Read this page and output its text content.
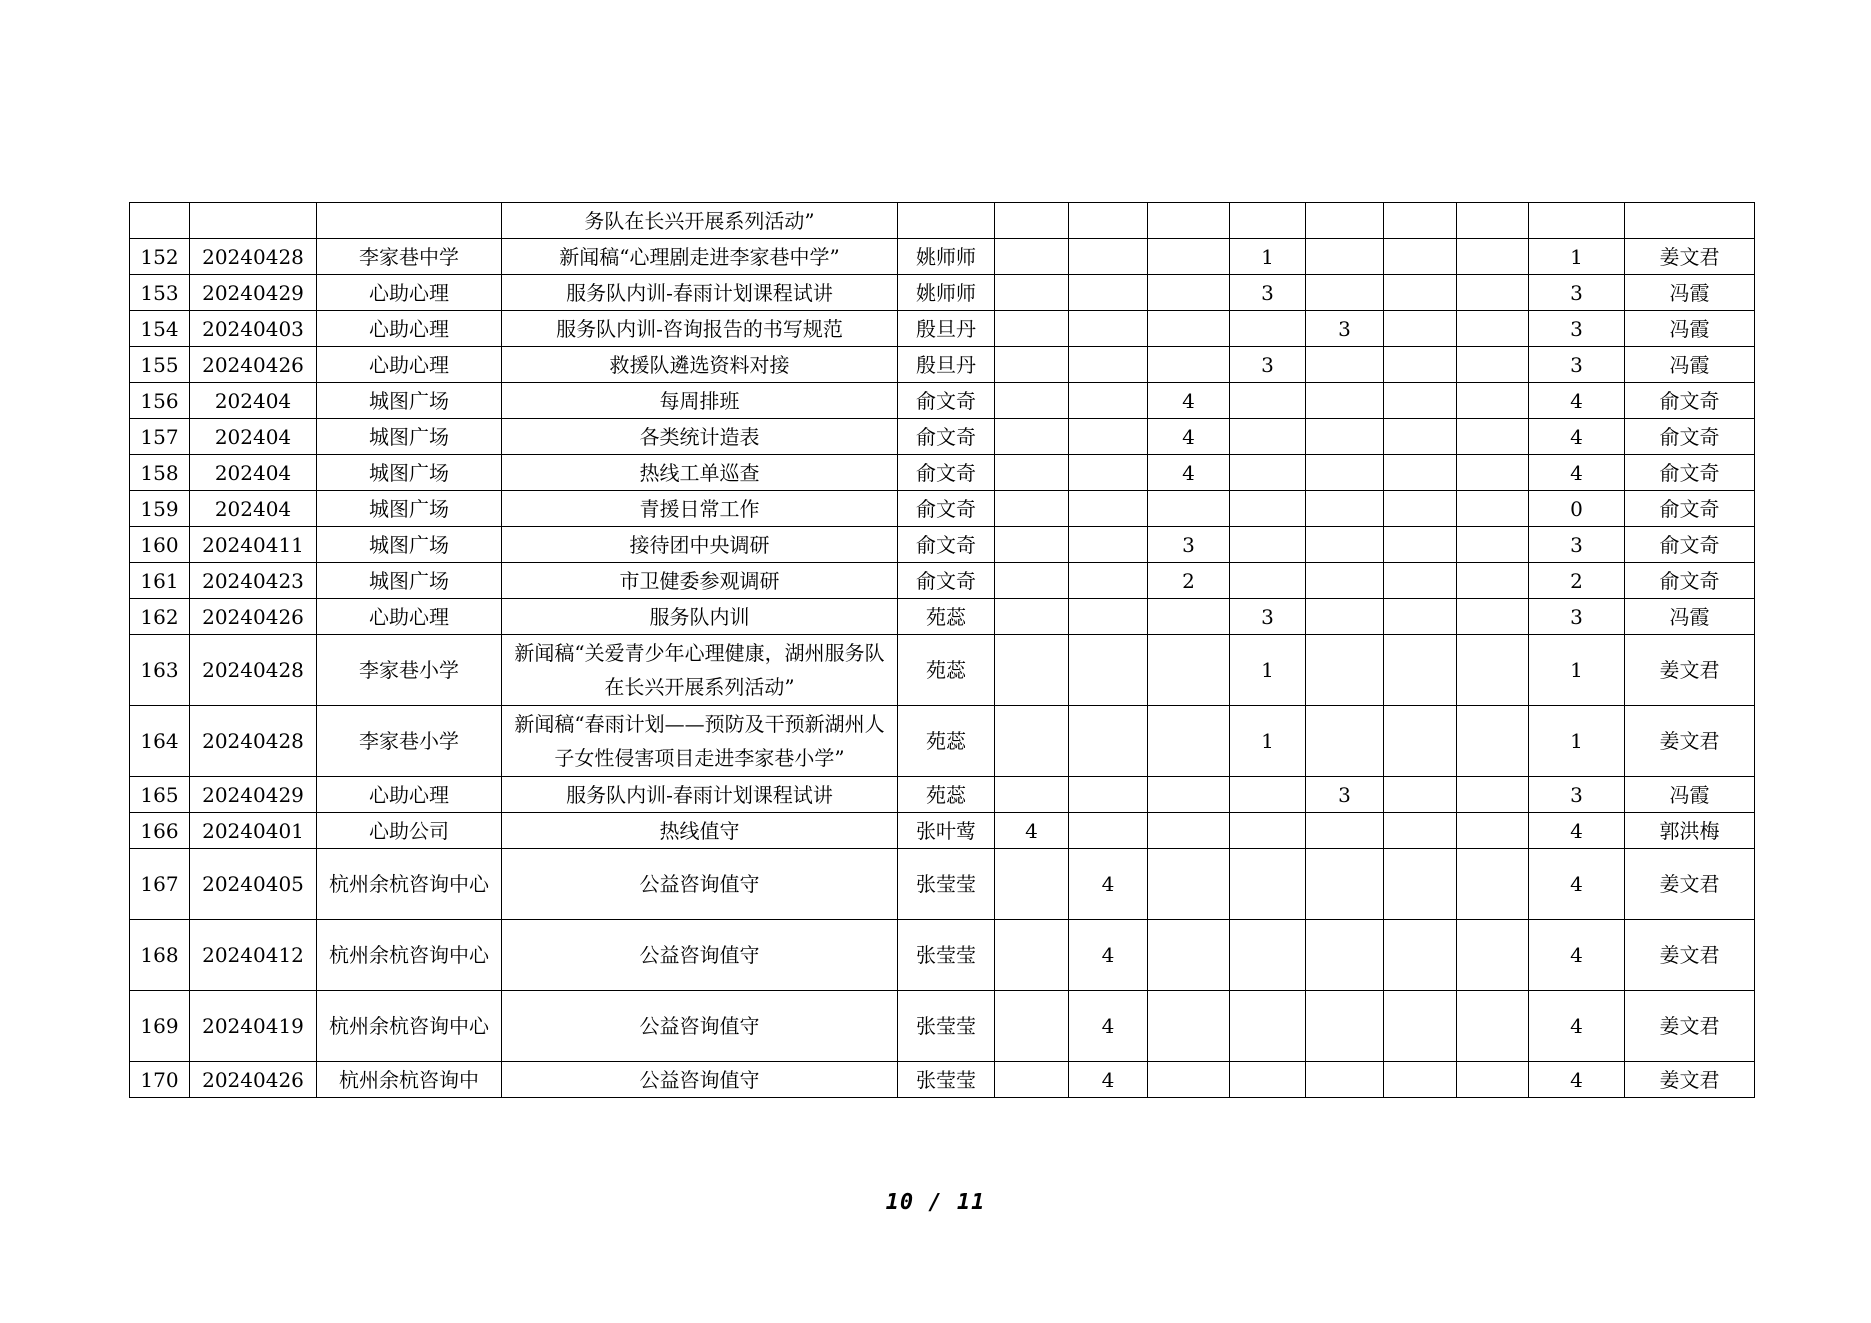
			务队在长兴开展系列活动”										
152	20240428	李家巷中学	新闻稿“心理剧走进李家巷中学”	姚师师				1				1	姜文君
153	20240429	心助心理	服务队内训-春雨计划课程试讲	姚师师				3				3	冯霞
154	20240403	心助心理	服务队内训-咨询报告的书写规范	殷旦丹					3			3	冯霞
155	20240426	心助心理	救援队遴选资料对接	殷旦丹				3				3	冯霞
156	202404	城图广场	每周排班	俞文奇			4					4	俞文奇
157	202404	城图广场	各类统计造表	俞文奇			4					4	俞文奇
158	202404	城图广场	热线工单巡查	俞文奇			4					4	俞文奇
159	202404	城图广场	青援日常工作	俞文奇								0	俞文奇
160	20240411	城图广场	接待团中央调研	俞文奇			3					3	俞文奇
161	20240423	城图广场	市卫健委参观调研	俞文奇			2					2	俞文奇
162	20240426	心助心理	服务队内训	苑蕊				3				3	冯霞
163	20240428	李家巷小学	新闻稿“关爱青少年心理健康，湖州服务队在长兴开展系列活动”	苑蕊				1				1	姜文君
164	20240428	李家巷小学	新闻稿“春雨计划——预防及干预新湖州人子女性侵害项目走进李家巷小学”	苑蕊				1				1	姜文君
165	20240429	心助心理	服务队内训-春雨计划课程试讲	苑蕊					3			3	冯霞
166	20240401	心助公司	热线值守	张叶莺	4							4	郭洪梅
167	20240405	杭州余杭咨询中心	公益咨询值守	张莹莹		4						4	姜文君
168	20240412	杭州余杭咨询中心	公益咨询值守	张莹莹		4						4	姜文君
169	20240419	杭州余杭咨询中心	公益咨询值守	张莹莹		4						4	姜文君
170	20240426	杭州余杭咨询中	公益咨询值守	张莹莹		4						4	姜文君
10 / 11
